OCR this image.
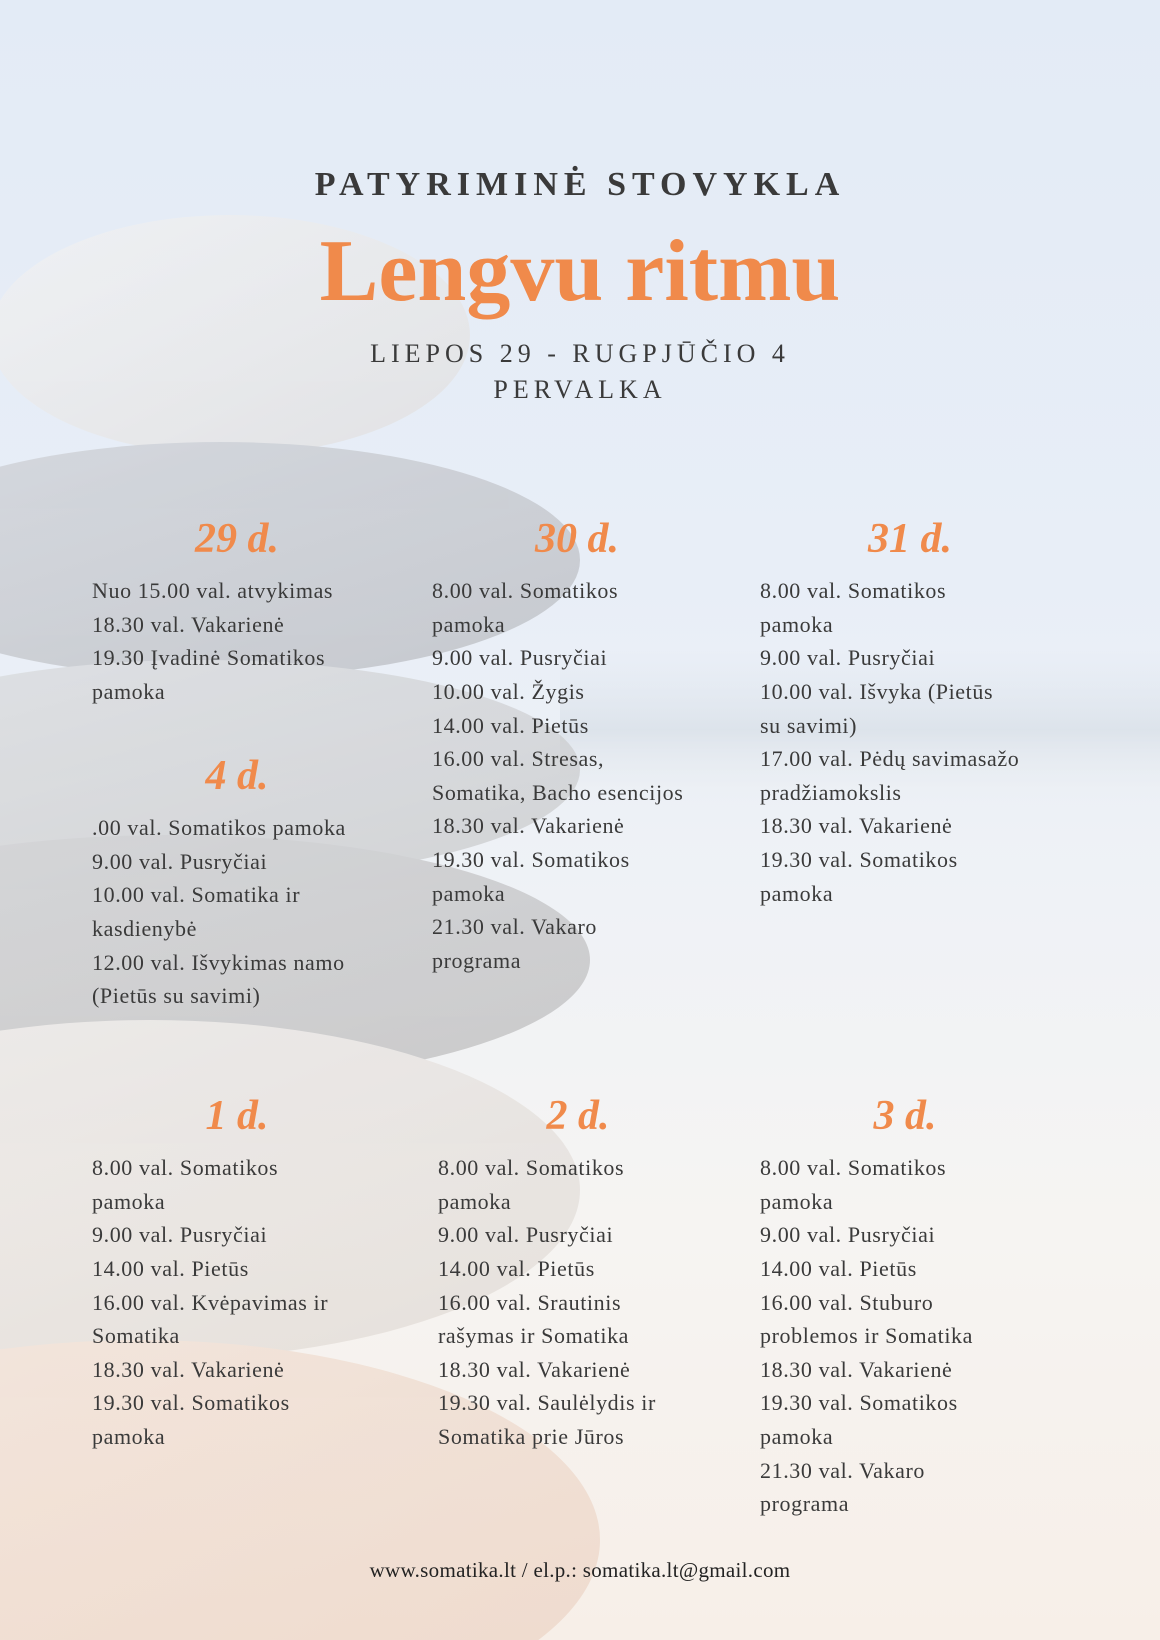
PATYRIMINĖ STOVYKLA
Lengvu ritmu
LIEPOS 29 - RUGPJŪČIO 4
PERVALKA
29 d.
Nuo 15.00 val. atvykimas
18.30 val. Vakarienė
19.30 Įvadinė Somatikos
pamoka
4 d.
.00 val. Somatikos pamoka
9.00 val. Pusryčiai
10.00 val. Somatika ir
kasdienybė
12.00 val. Išvykimas namo
(Pietūs su savimi)
30 d.
8.00 val. Somatikos
pamoka
9.00 val. Pusryčiai
10.00 val. Žygis
14.00 val. Pietūs
16.00 val. Stresas,
Somatika, Bacho esencijos
18.30 val. Vakarienė
19.30 val. Somatikos
pamoka
21.30 val. Vakaro
programa
31 d.
8.00 val. Somatikos
pamoka
9.00 val. Pusryčiai
10.00 val. Išvyka (Pietūs
su savimi)
17.00 val. Pėdų savimasažo
pradžiamokslis
18.30 val. Vakarienė
19.30 val. Somatikos
pamoka
1 d.
8.00 val. Somatikos
pamoka
9.00 val. Pusryčiai
14.00 val. Pietūs
16.00 val. Kvėpavimas ir
Somatika
18.30 val. Vakarienė
19.30 val. Somatikos
pamoka
2 d.
8.00 val. Somatikos
pamoka
9.00 val. Pusryčiai
14.00 val. Pietūs
16.00 val. Srautinis
rašymas ir Somatika
18.30 val. Vakarienė
19.30 val. Saulėlydis ir
Somatika prie Jūros
3 d.
8.00 val. Somatikos
pamoka
9.00 val. Pusryčiai
14.00 val. Pietūs
16.00 val. Stuburo
problemos ir Somatika
18.30 val. Vakarienė
19.30 val. Somatikos
pamoka
21.30 val. Vakaro
programa
www.somatika.lt / el.p.: somatika.lt@gmail.com
